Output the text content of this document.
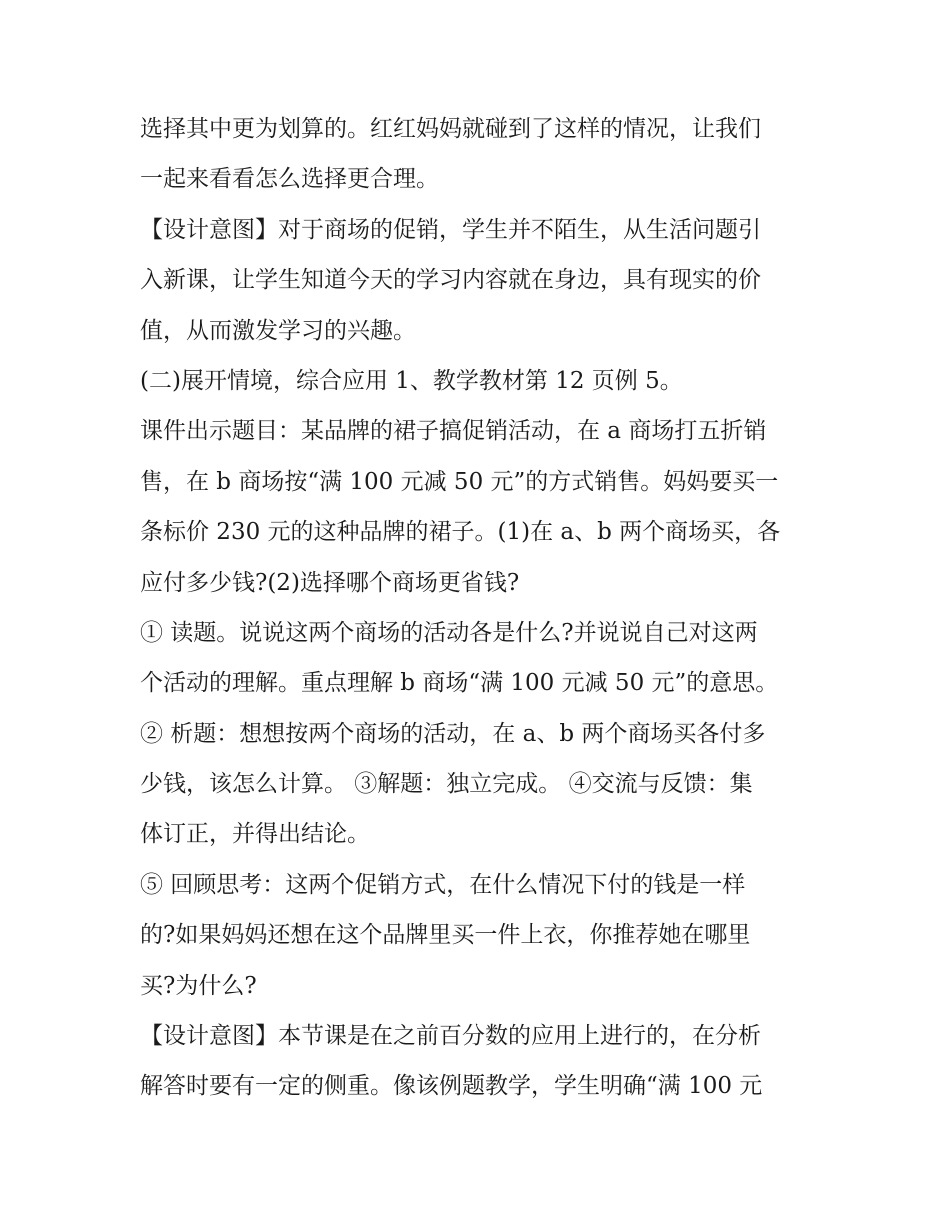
选择其中更为划算的。红红妈妈就碰到了这样的情况，让我们
一起来看看怎么选择更合理。
【设计意图】对于商场的促销，学生并不陌生，从生活问题引
入新课，让学生知道今天的学习内容就在身边，具有现实的价
值，从而激发学习的兴趣。
(二)展开情境，综合应用 1、教学教材第 12 页例 5。
课件出示题目：某品牌的裙子搞促销活动，在 a 商场打五折销
售，在 b 商场按“满 100 元减 50 元”的方式销售。妈妈要买一
条标价 230 元的这种品牌的裙子。(1)在 a、b 两个商场买，各
应付多少钱?(2)选择哪个商场更省钱?
① 读题。说说这两个商场的活动各是什么?并说说自己对这两
个活动的理解。重点理解 b 商场“满 100 元减 50 元”的意思。
② 析题：想想按两个商场的活动，在 a、b 两个商场买各付多
少钱，该怎么计算。 ③解题：独立完成。 ④交流与反馈：集
体订正，并得出结论。
⑤ 回顾思考：这两个促销方式，在什么情况下付的钱是一样
的?如果妈妈还想在这个品牌里买一件上衣，你推荐她在哪里
买?为什么?
【设计意图】本节课是在之前百分数的应用上进行的，在分析
解答时要有一定的侧重。像该例题教学，学生明确“满 100 元
